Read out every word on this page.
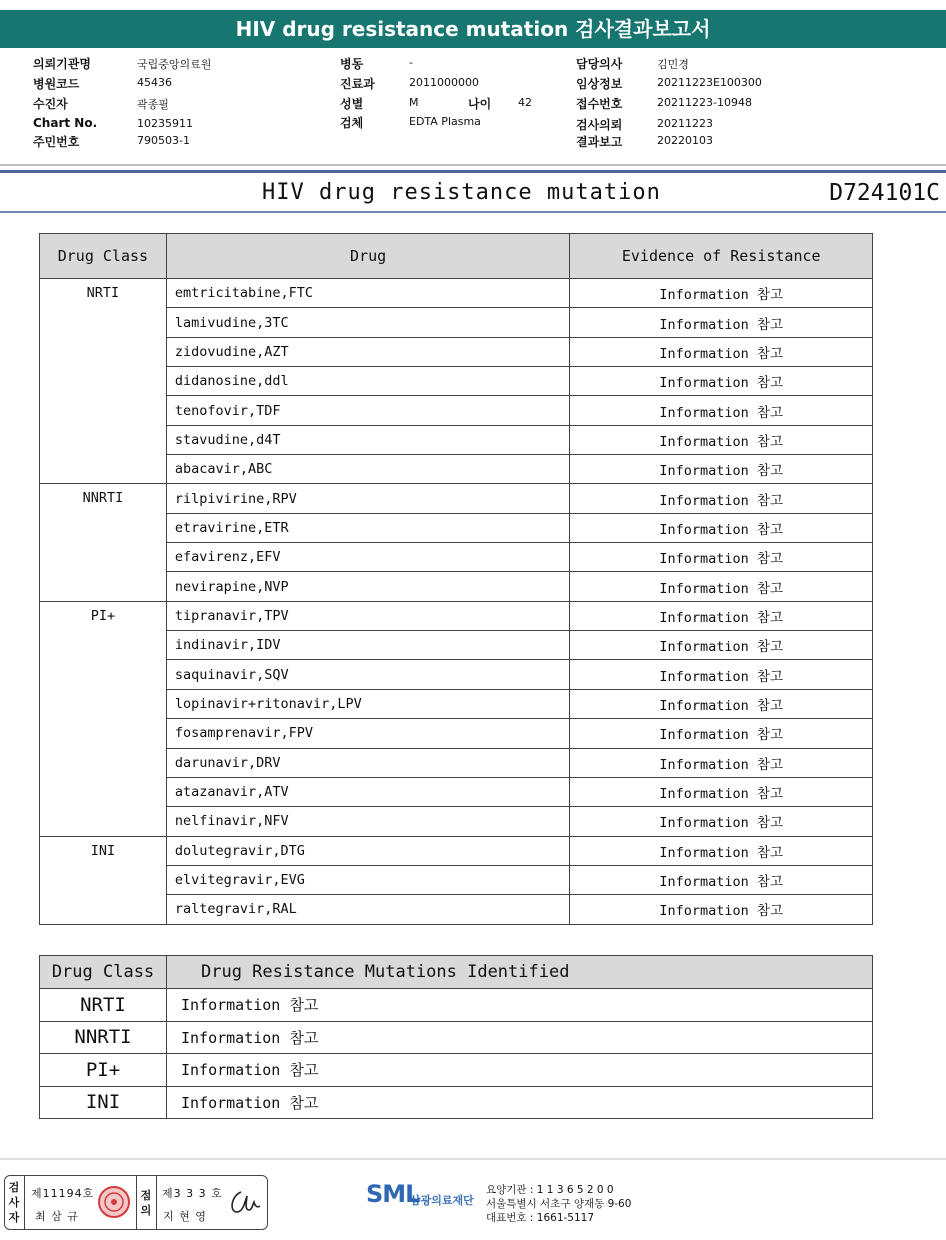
HIV drug resistance mutation 검사결과보고서
의뢰기관명	국립중앙의료원
병원코드	45436
수진자	곽종필
Chart No.	10235911
주민번호	790503-1
병동	-
진료과	2011000000
성별	M	나이 42
검체	EDTA Plasma
담당의사	김민경
임상정보	20211223E100300
접수번호	20211223-10948
검사의뢰	20211223
결과보고	20220103
HIV drug resistance mutation	D724101C
Drug Class	Drug	Evidence of Resistance
NRTI	emtricitabine,FTC	Information 참고
	lamivudine,3TC	Information 참고
	zidovudine,AZT	Information 참고
	didanosine,ddl	Information 참고
	tenofovir,TDF	Information 참고
	stavudine,d4T	Information 참고
	abacavir,ABC	Information 참고
NNRTI	rilpivirine,RPV	Information 참고
	etravirine,ETR	Information 참고
	efavirenz,EFV	Information 참고
	nevirapine,NVP	Information 참고
PI+	tipranavir,TPV	Information 참고
	indinavir,IDV	Information 참고
	saquinavir,SQV	Information 참고
	lopinavir+ritonavir,LPV	Information 참고
	fosamprenavir,FPV	Information 참고
	darunavir,DRV	Information 참고
	atazanavir,ATV	Information 참고
	nelfinavir,NFV	Information 참고
INI	dolutegravir,DTG	Information 참고
	elvitegravir,EVG	Information 참고
	raltegravir,RAL	Information 참고
Drug Class	Drug Resistance Mutations Identified
NRTI	Information 참고
NNRTI	Information 참고
PI+	Information 참고
INI	Information 참고
검
사
자
제11194호
최 삼 규
점
의
제3 3 3 호
지 현 영
SML
삼광의료재단
요양기관 : 1 1 3 6 5 2 0 0
서울특별시 서초구 양재동 9-60
대표번호 : 1661-5117
